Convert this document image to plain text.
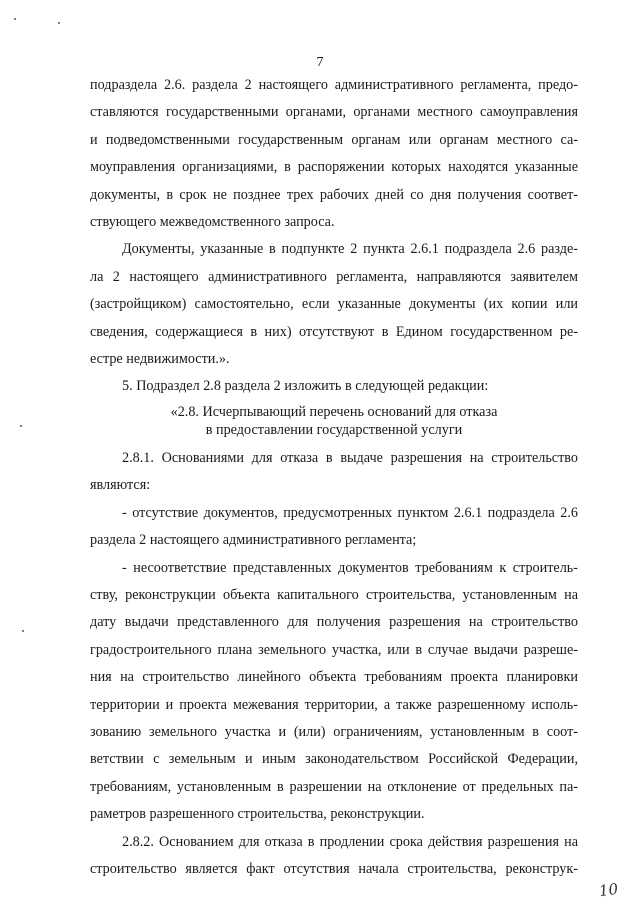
7
подраздела 2.6. раздела 2 настоящего административного регламента, предо-
ставляются государственными органами, органами местного самоуправления
и подведомственными государственным органам или органам местного са-
моуправления организациями, в распоряжении которых находятся указанные
документы, в срок не позднее трех рабочих дней со дня получения соответ-
ствующего межведомственного запроса.
Документы, указанные в подпункте 2 пункта 2.6.1 подраздела 2.6 разде-
ла 2 настоящего административного регламента, направляются заявителем
(застройщиком) самостоятельно, если указанные документы (их копии или
сведения, содержащиеся в них) отсутствуют в Едином государственном ре-
естре недвижимости.».
5. Подраздел 2.8 раздела 2 изложить в следующей редакции:
«2.8. Исчерпывающий перечень оснований для отказа
в предоставлении государственной услуги
2.8.1. Основаниями для отказа в выдаче разрешения на строительство
являются:
- отсутствие документов, предусмотренных пунктом 2.6.1 подраздела 2.6
раздела 2 настоящего административного регламента;
- несоответствие представленных документов требованиям к строитель-
ству, реконструкции объекта капитального строительства, установленным на
дату выдачи представленного для получения разрешения на строительство
градостроительного плана земельного участка, или в случае выдачи разреше-
ния на строительство линейного объекта требованиям проекта планировки
территории и проекта межевания территории, а также разрешенному исполь-
зованию земельного участка и (или) ограничениям, установленным в соот-
ветствии с земельным и иным законодательством Российской Федерации,
требованиям, установленным в разрешении на отклонение от предельных па-
раметров разрешенного строительства, реконструкции.
2.8.2. Основанием для отказа в продлении срока действия разрешения на
строительство является факт отсутствия начала строительства, реконструк-
10
